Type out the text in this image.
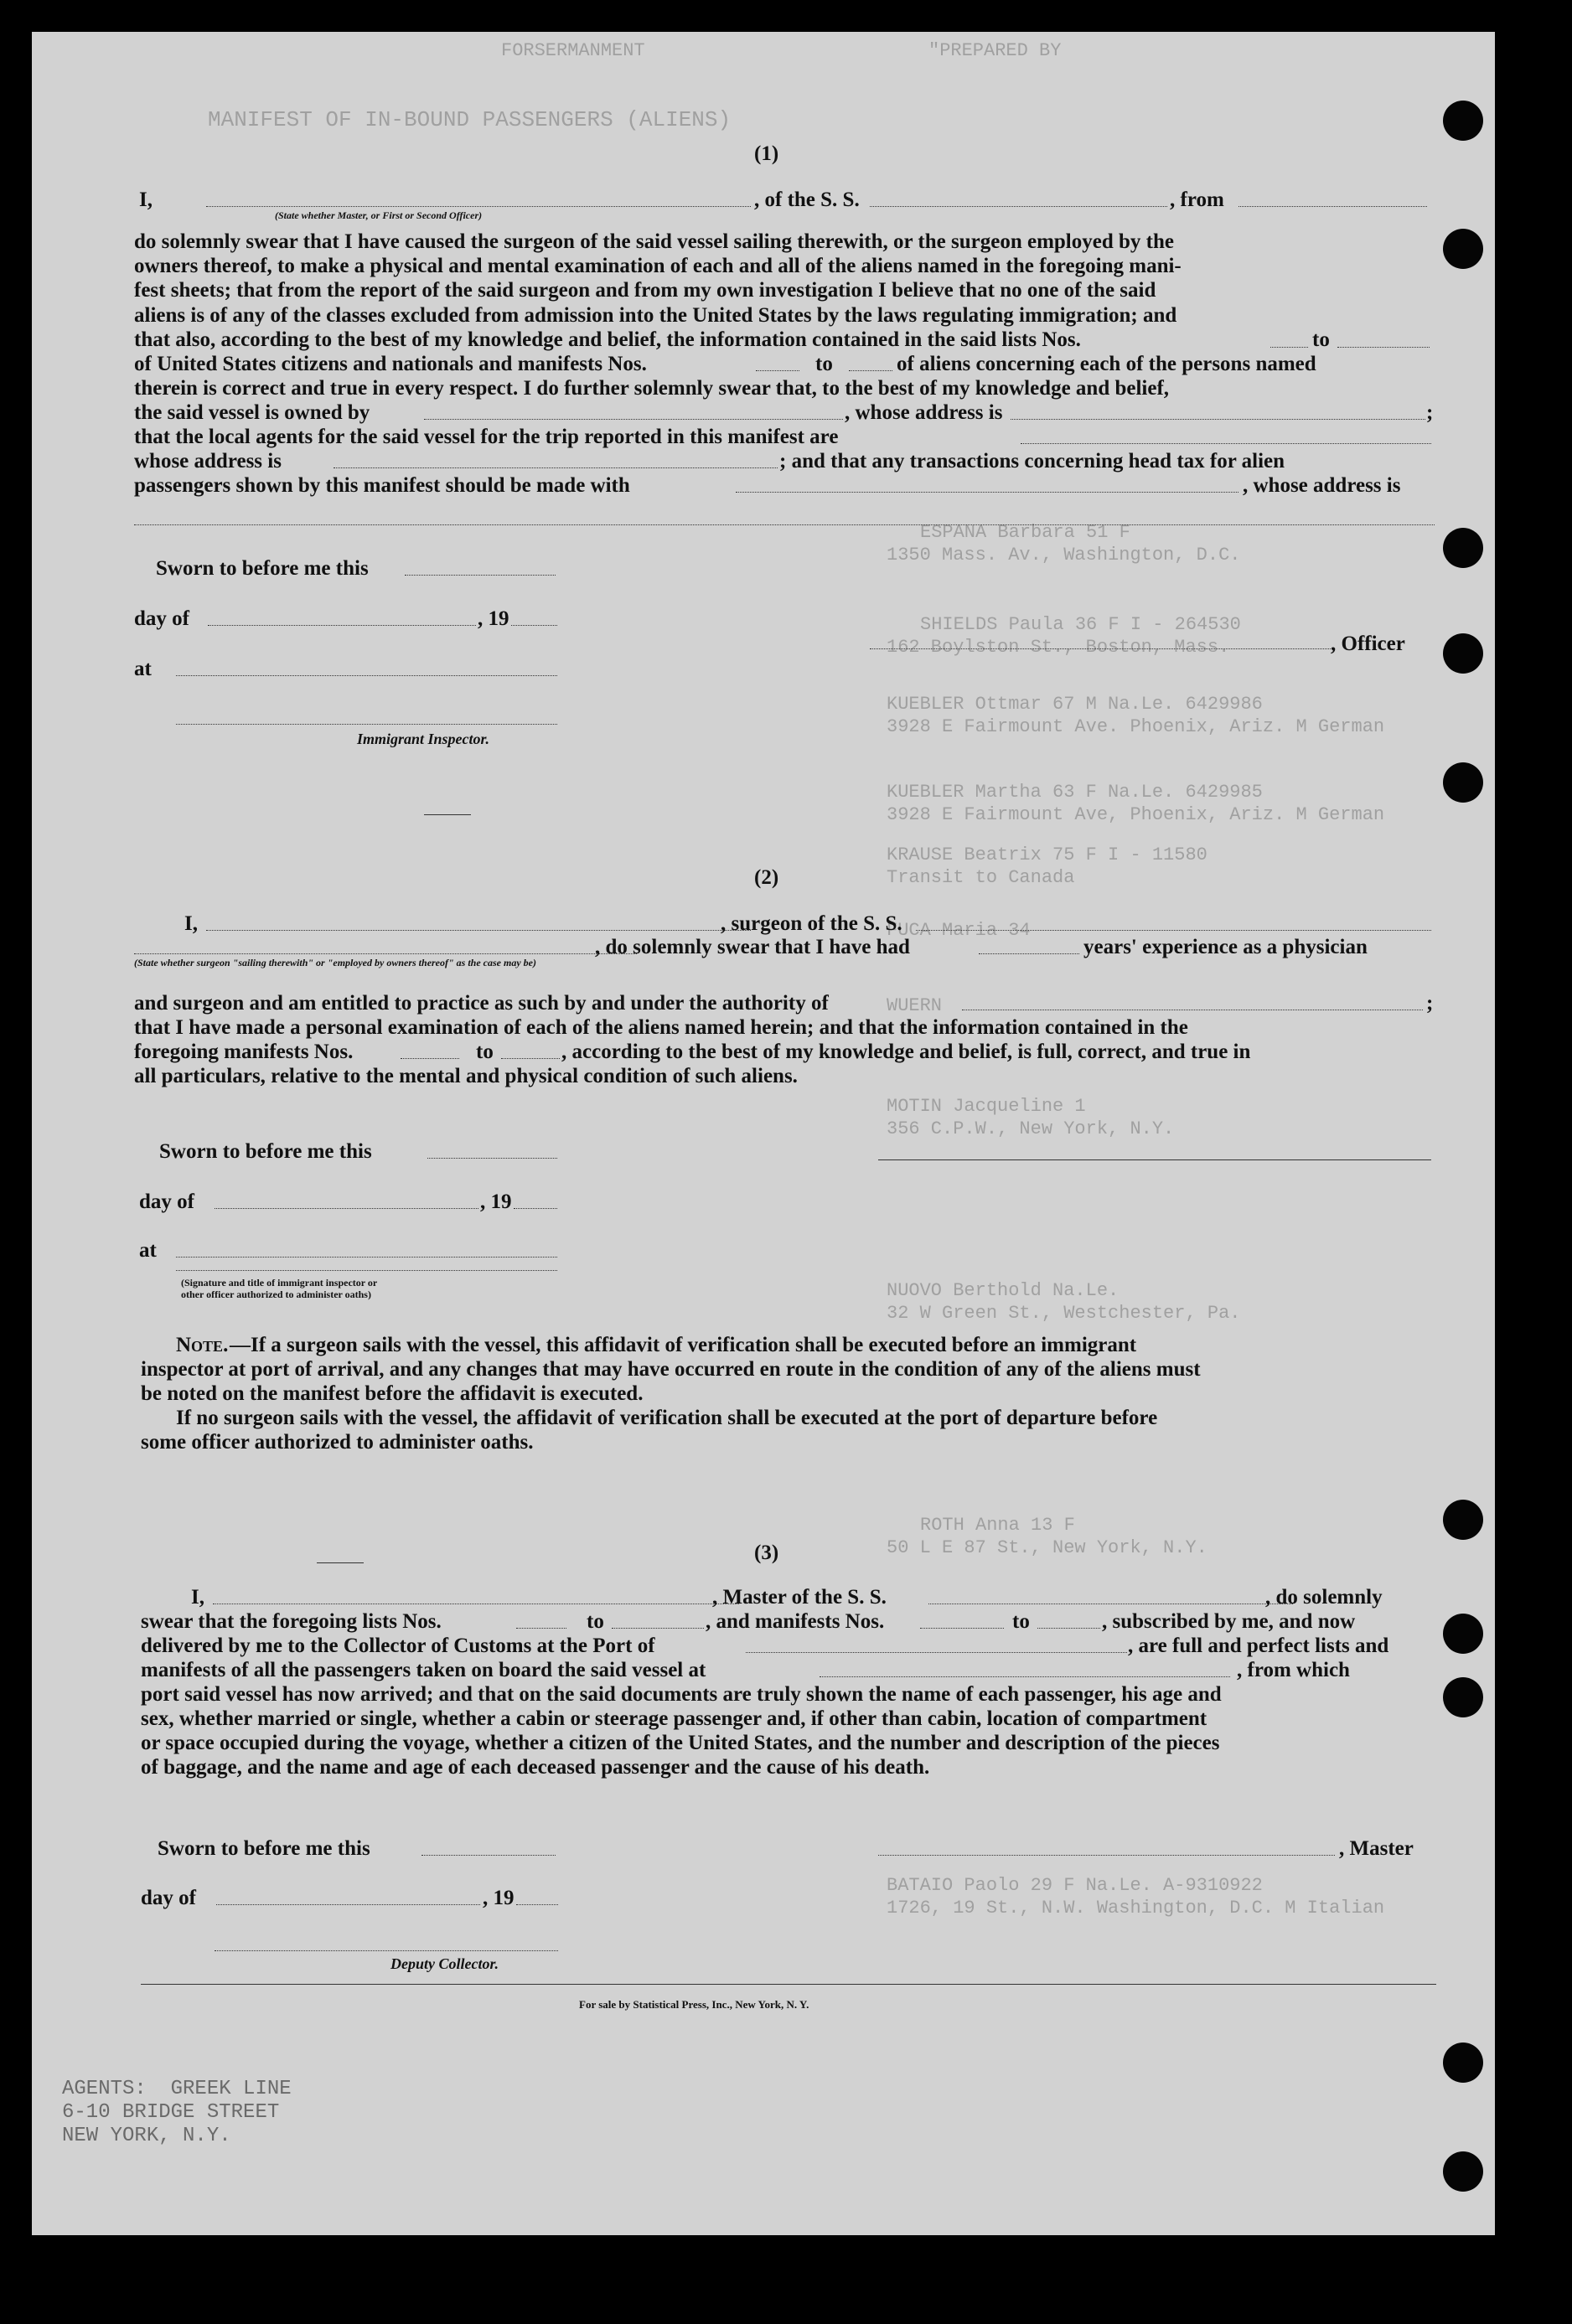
FORSERMANMENT	"PREPARED BY
MANIFEST OF IN-BOUND PASSENGERS (ALIENS)
ESPANA Barbara 51 F
1350 Mass. Av., Washington, D.C.
SHIELDS Paula 36 F I - 264530
162 Boylston St., Boston, Mass.
KUEBLER Ottmar 67 M Na.Le. 6429986
3928 E Fairmount Ave. Phoenix, Ariz. M German
KUEBLER Martha 63 F Na.Le. 6429985
3928 E Fairmount Ave, Phoenix, Ariz. M German
KRAUSE Beatrix 75 F I - 11580
Transit to Canada
FUCA Maria 34
WUERN
MOTIN Jacqueline 1
356 C.P.W., New York, N.Y.
NUOVO Berthold Na.Le.
32 W Green St., Westchester, Pa.
ROTH Anna 13 F
50 L E 87 St., New York, N.Y.
BATAIO Paolo 29 F Na.Le. A-9310922
1726, 19 St., N.W. Washington, D.C. M Italian
(1)
I,
(State whether Master, or First or Second Officer)
, of the S. S.	, from
do solemnly swear that I have caused the surgeon of the said vessel sailing therewith, or the surgeon employed by the
owners thereof, to make a physical and mental examination of each and all of the aliens named in the foregoing mani-
fest sheets; that from the report of the said surgeon and from my own investigation I believe that no one of the said
aliens is of any of the classes excluded from admission into the United States by the laws regulating immigration; and
that also, according to the best of my knowledge and belief, the information contained in the said lists Nos.	to
of United States citizens and nationals and manifests Nos.	to	of aliens concerning each of the persons named
therein is correct and true in every respect. I do further solemnly swear that, to the best of my knowledge and belief,
the said vessel is owned by	, whose address is	;
that the local agents for the said vessel for the trip reported in this manifest are
whose address is	; and that any transactions concerning head tax for alien
passengers shown by this manifest should be made with	, whose address is
Sworn to before me this
day of	, 19
, Officer
at
Immigrant Inspector.
(2)
I,	, surgeon of the S. S.
, do solemnly swear that I have had	years' experience as a physician
(State whether surgeon "sailing therewith" or "employed by owners thereof" as the case may be)
and surgeon and am entitled to practice as such by and under the authority of	;
that I have made a personal examination of each of the aliens named herein; and that the information contained in the
foregoing manifests Nos.	to	, according to the best of my knowledge and belief, is full, correct, and true in
all particulars, relative to the mental and physical condition of such aliens.
Sworn to before me this
day of	, 19
at
(Signature and title of immigrant inspector or
other officer authorized to administer oaths)
Note. —If a surgeon sails with the vessel, this affidavit of verification shall be executed before an immigrant
inspector at port of arrival, and any changes that may have occurred en route in the condition of any of the aliens must
be noted on the manifest before the affidavit is executed.
If no surgeon sails with the vessel, the affidavit of verification shall be executed at the port of departure before
some officer authorized to administer oaths.
(3)
I,	, Master of the S. S.	, do solemnly
swear that the foregoing lists Nos.	to	, and manifests Nos.	to	, subscribed by me, and now
delivered by me to the Collector of Customs at the Port of	, are full and perfect lists and
manifests of all the passengers taken on board the said vessel at	, from which
port said vessel has now arrived; and that on the said documents are truly shown the name of each passenger, his age and
sex, whether married or single, whether a cabin or steerage passenger and, if other than cabin, location of compartment
or space occupied during the voyage, whether a citizen of the United States, and the number and description of the pieces
of baggage, and the name and age of each deceased passenger and the cause of his death.
Sworn to before me this	, Master
day of	, 19
Deputy Collector.
For sale by Statistical Press, Inc., New York, N. Y.
AGENTS:  GREEK LINE
6-10 BRIDGE STREET
NEW YORK, N.Y.
